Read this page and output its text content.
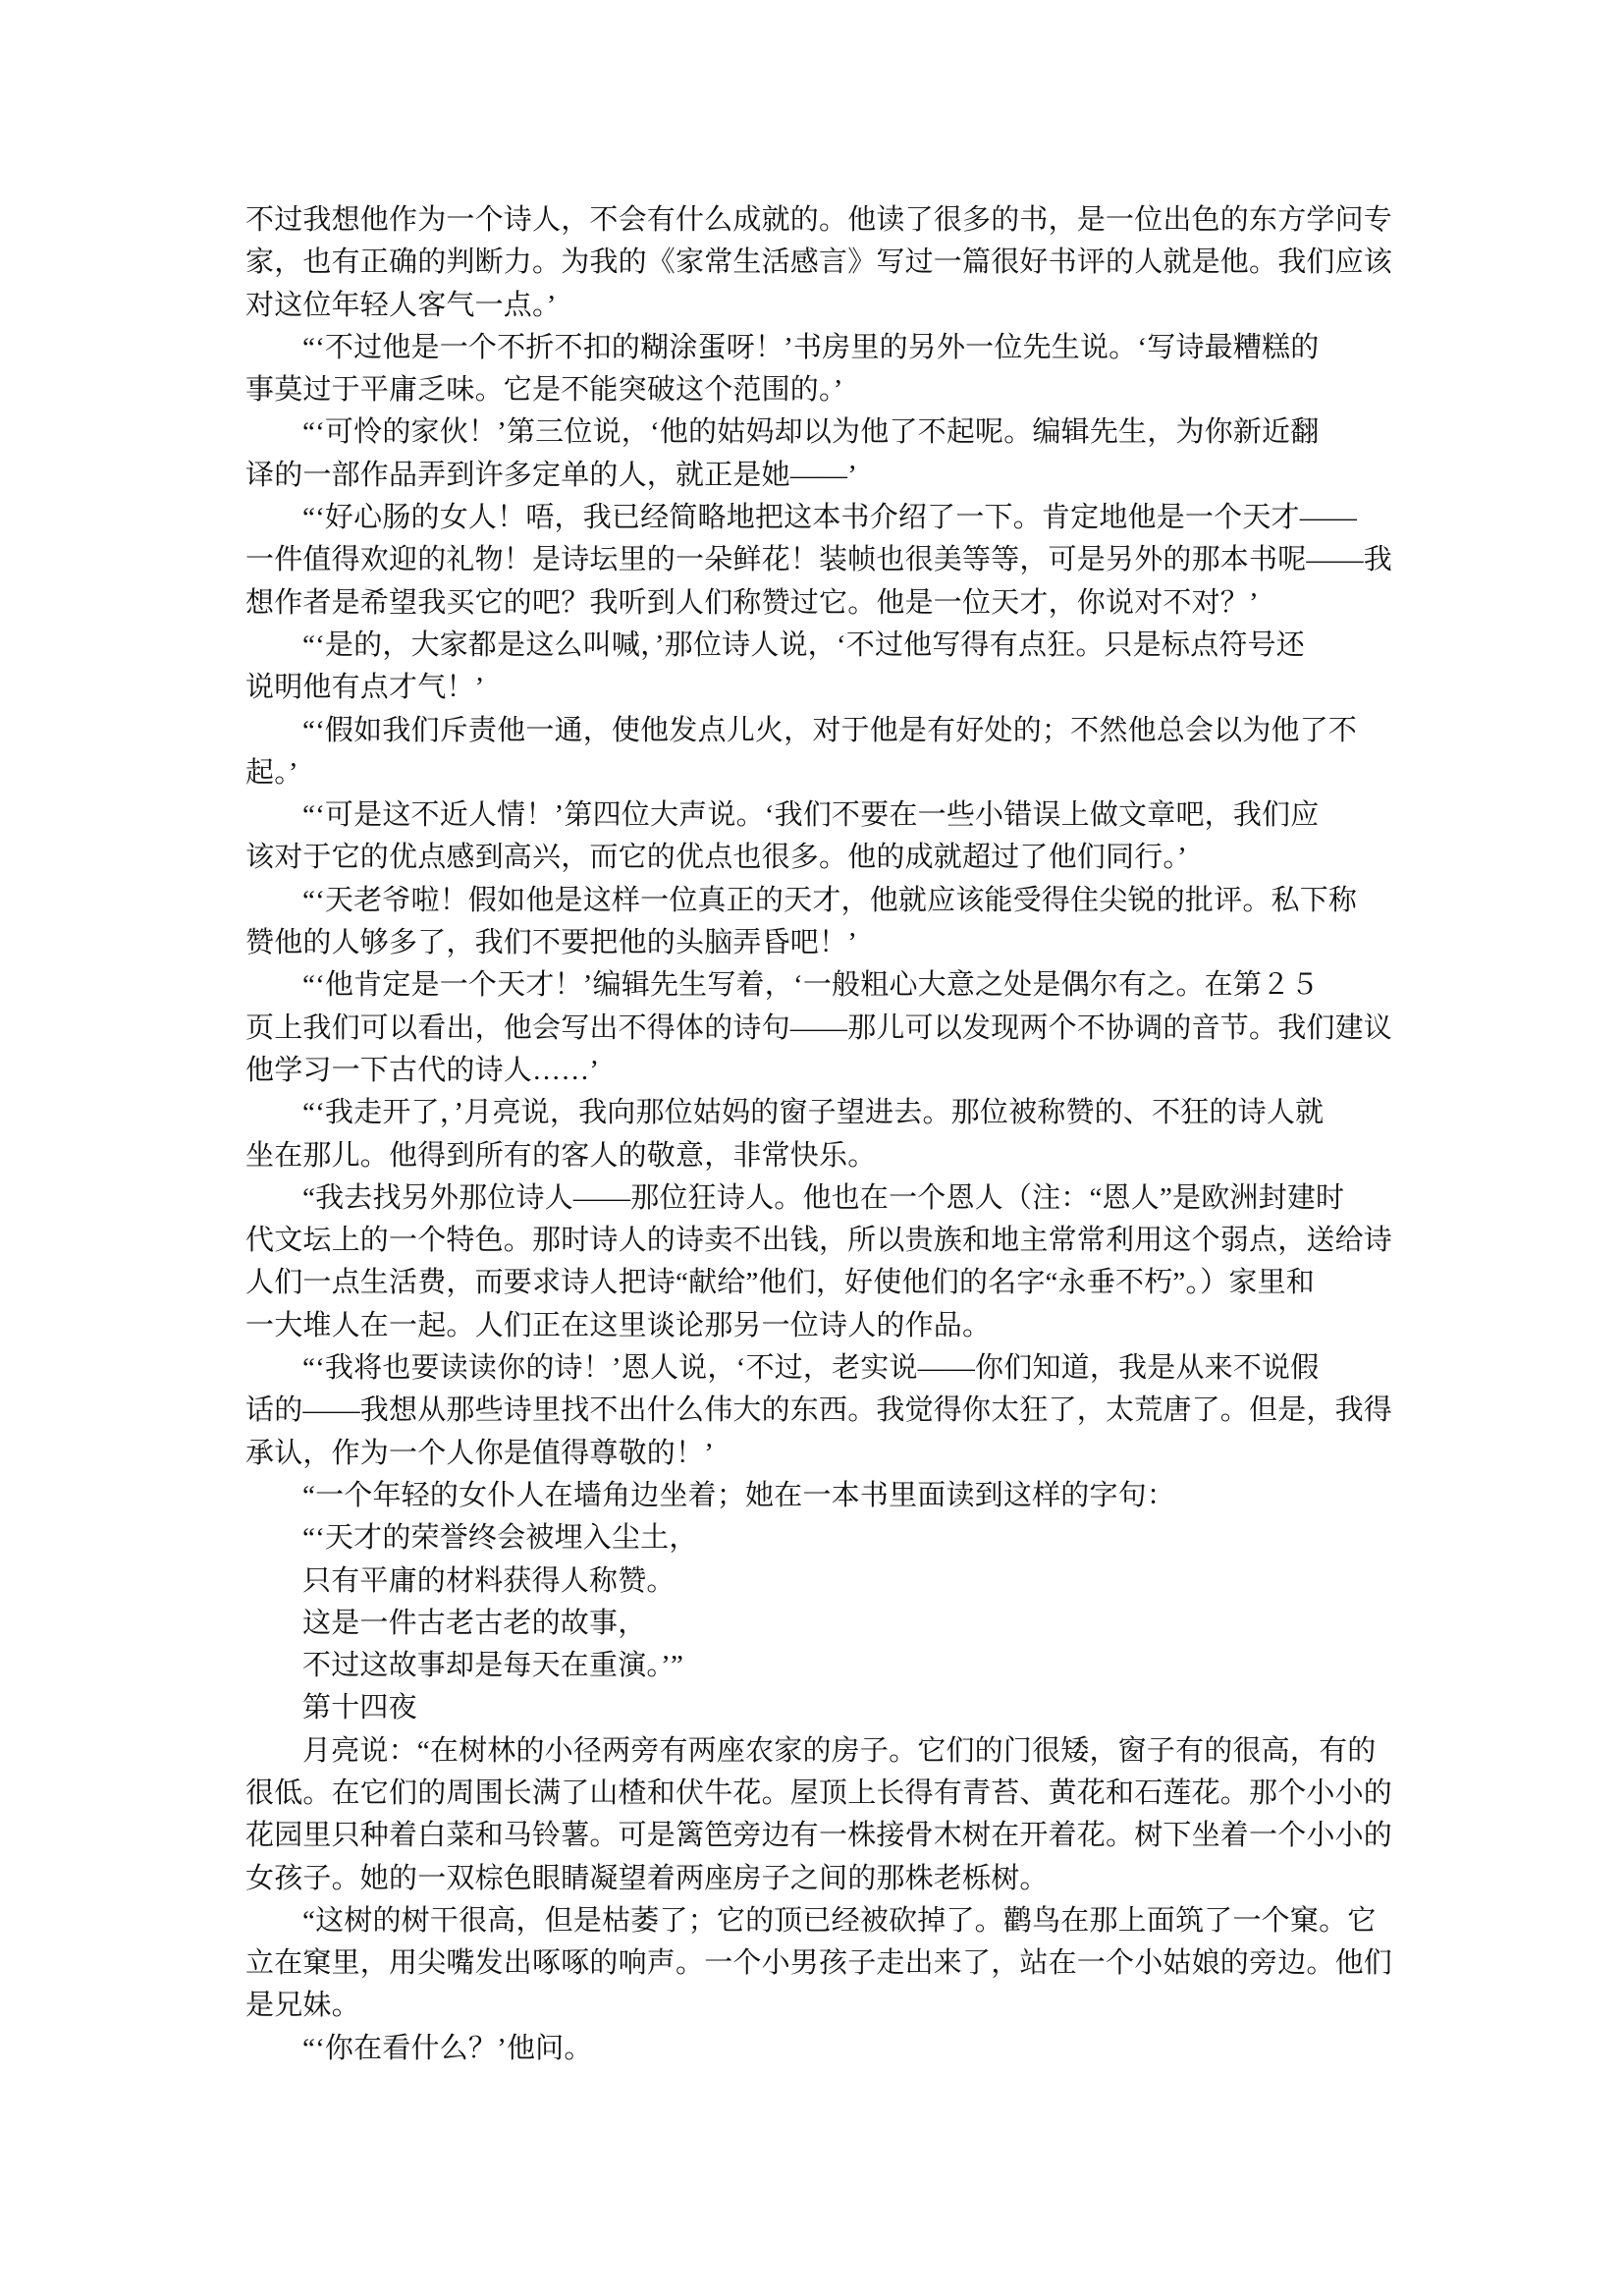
不过我想他作为一个诗人，不会有什么成就的。他读了很多的书，是一位出色的东方学问专
家，也有正确的判断力。为我的《家常生活感言》写过一篇很好书评的人就是他。我们应该
对这位年轻人客气一点。’
“‘不过他是一个不折不扣的糊涂蛋呀！’书房里的另外一位先生说。‘写诗最糟糕的
事莫过于平庸乏味。它是不能突破这个范围的。’
“‘可怜的家伙！’第三位说，‘他的姑妈却以为他了不起呢。编辑先生，为你新近翻
译的一部作品弄到许多定单的人，就正是她——’
“‘好心肠的女人！唔，我已经简略地把这本书介绍了一下。肯定地他是一个天才——
一件值得欢迎的礼物！是诗坛里的一朵鲜花！装帧也很美等等，可是另外的那本书呢——我
想作者是希望我买它的吧？我听到人们称赞过它。他是一位天才，你说对不对？’
“‘是的，大家都是这么叫喊，’那位诗人说，‘不过他写得有点狂。只是标点符号还
说明他有点才气！’
“‘假如我们斥责他一通，使他发点儿火，对于他是有好处的；不然他总会以为他了不
起。’
“‘可是这不近人情！’第四位大声说。‘我们不要在一些小错误上做文章吧，我们应
该对于它的优点感到高兴，而它的优点也很多。他的成就超过了他们同行。’
“‘天老爷啦！假如他是这样一位真正的天才，他就应该能受得住尖锐的批评。私下称
赞他的人够多了，我们不要把他的头脑弄昏吧！’
“‘他肯定是一个天才！’编辑先生写着，‘一般粗心大意之处是偶尔有之。在第２５
页上我们可以看出，他会写出不得体的诗句——那儿可以发现两个不协调的音节。我们建议
他学习一下古代的诗人……’
“‘我走开了，’月亮说，我向那位姑妈的窗子望进去。那位被称赞的、不狂的诗人就
坐在那儿。他得到所有的客人的敬意，非常快乐。
“我去找另外那位诗人——那位狂诗人。他也在一个恩人（注：“恩人”是欧洲封建时
代文坛上的一个特色。那时诗人的诗卖不出钱，所以贵族和地主常常利用这个弱点，送给诗
人们一点生活费，而要求诗人把诗“献给”他们，好使他们的名字“永垂不朽”。）家里和
一大堆人在一起。人们正在这里谈论那另一位诗人的作品。
“‘我将也要读读你的诗！’恩人说，‘不过，老实说——你们知道，我是从来不说假
话的——我想从那些诗里找不出什么伟大的东西。我觉得你太狂了，太荒唐了。但是，我得
承认，作为一个人你是值得尊敬的！’
“一个年轻的女仆人在墙角边坐着；她在一本书里面读到这样的字句：
“‘天才的荣誉终会被埋入尘土，
只有平庸的材料获得人称赞。
这是一件古老古老的故事，
不过这故事却是每天在重演。’”
第十四夜
月亮说：“在树林的小径两旁有两座农家的房子。它们的门很矮，窗子有的很高，有的
很低。在它们的周围长满了山楂和伏牛花。屋顶上长得有青苔、黄花和石莲花。那个小小的
花园里只种着白菜和马铃薯。可是篱笆旁边有一株接骨木树在开着花。树下坐着一个小小的
女孩子。她的一双棕色眼睛凝望着两座房子之间的那株老栎树。
“这树的树干很高，但是枯萎了；它的顶已经被砍掉了。鹳鸟在那上面筑了一个窠。它
立在窠里，用尖嘴发出啄啄的响声。一个小男孩子走出来了，站在一个小姑娘的旁边。他们
是兄妹。
“‘你在看什么？’他问。
